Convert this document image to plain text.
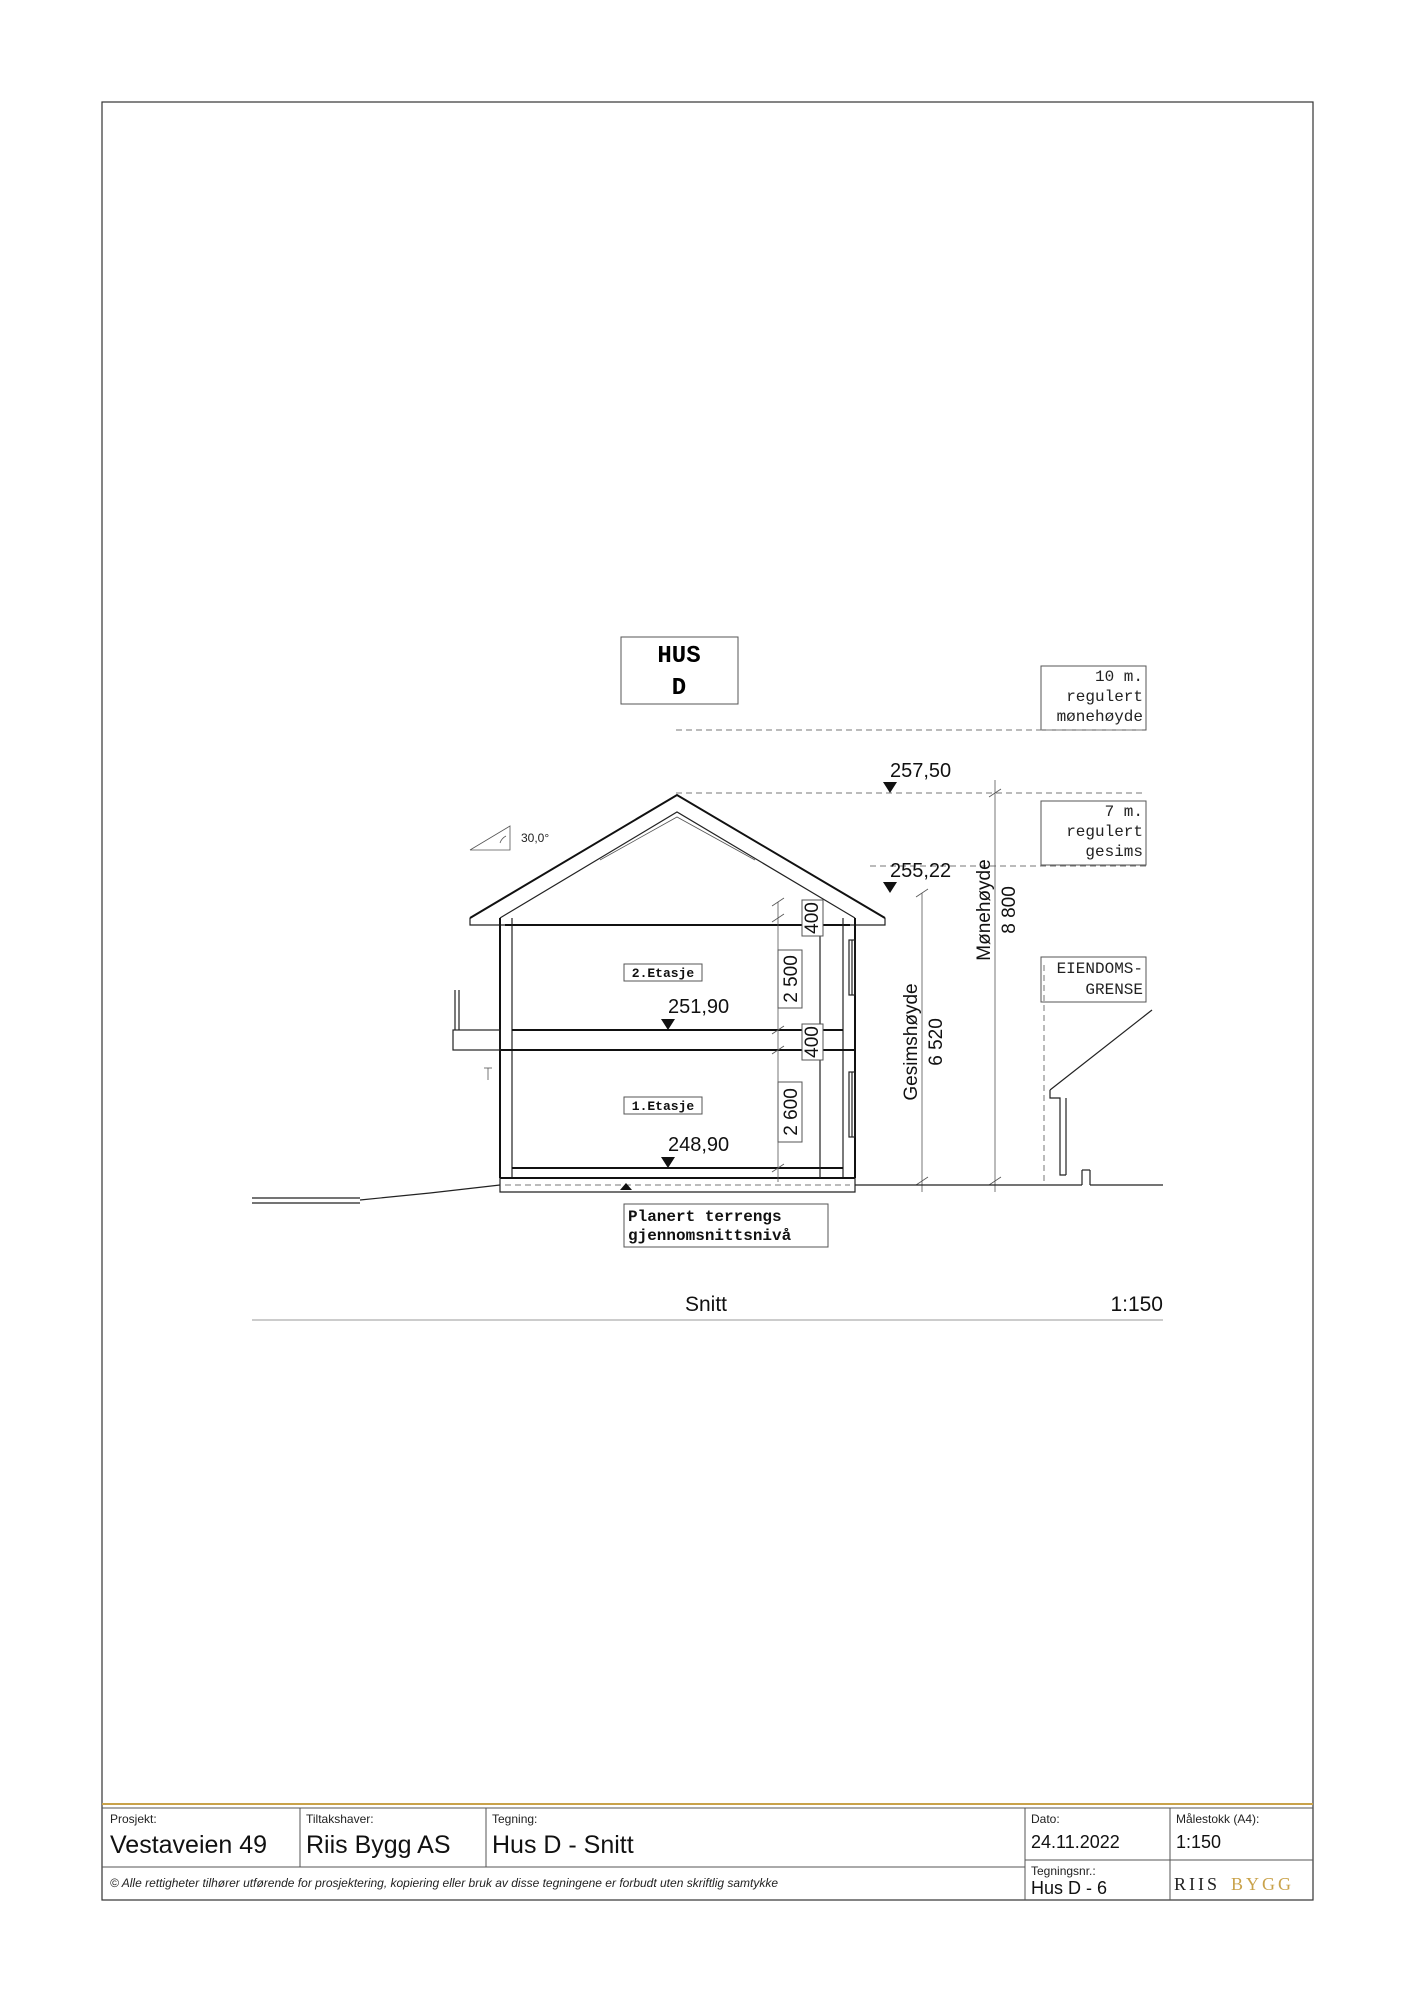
HUS
D	10 m.
regulert
mønehøyde
7 m.
regulert
gesims
EIENDOMS-
GRENSE
257,50
255,22
30,0°
2.Etasje
1.Etasje
251,90
248,90
400
2 500
400
2 600
Gesimshøyde 6 520
Mønehøyde 8 800
Planert terrengs
gjennomsnittsnivå
Snitt	1:150
Prosjekt:
Vestaveien 49
Tiltakshaver:
Riis Bygg AS
Tegning:
Hus D - Snitt
Dato:
24.11.2022
Målestokk (A4):
1:150
Tegningsnr.:
Hus D - 6
© Alle rettigheter tilhører utførende for prosjektering, kopiering eller bruk av disse tegningene er forbudt uten skriftlig samtykke	RIIS BYGG
